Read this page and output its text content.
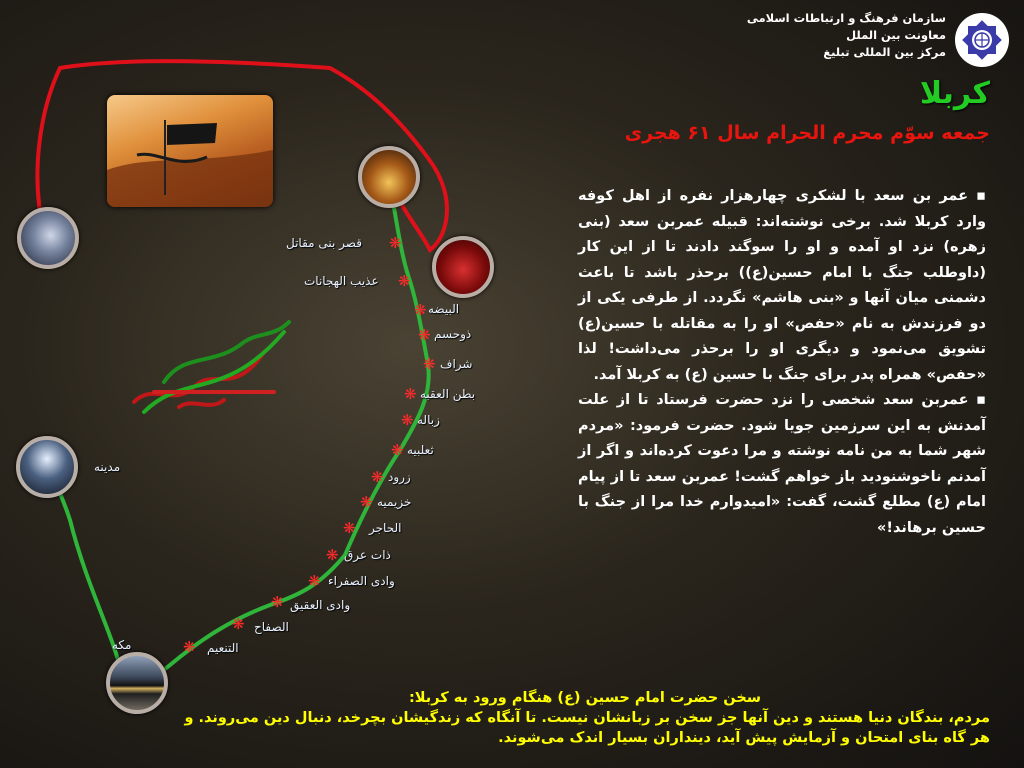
سازمان فرهنگ و ارتباطات اسلامی
معاونت بین الملل
مرکز بین المللی تبلیغ
کربلا
جمعه سوّم محرم الحرام سال ۶۱ هجری

▪ عمر بن سعد با لشکری چهارهزار نفره از اهل کوفه وارد کربلا شد. برخی نوشته‌اند: قبیله عمربن سعد (بنی زهره) نزد او آمده و او را سوگند دادند تا از این کار (داوطلب جنگ با امام حسین(ع)) برحذر باشد تا باعث دشمنی میان آنها و «بنی هاشم» نگردد. از طرفی یکی از دو فرزندش به نام «حفص» او را به مقاتله با حسین(ع) تشویق می‌نمود و دیگری او را برحذر می‌داشت! لذا «حفص» همراه پدر برای جنگ با حسین (ع) به کربلا آمد.

▪ عمربن سعد شخصی را نزد حضرت فرستاد تا از علت آمدنش به این سرزمین جویا شود. حضرت فرمود: «مردم شهر شما به من نامه نوشته و مرا دعوت کرده‌اند و اگر از آمدنم ناخوشنودید باز خواهم گشت! عمربن سعد تا از پیام امام (ع) مطلع گشت، گفت: «امیدوارم خدا مرا از جنگ با حسین برهاند!»

سخن حضرت امام حسین (ع) هنگام ورود به کربلا:
مردم، بندگان دنیا هستند و دین آنها جز سخن بر زبانشان نیست. تا آنگاه که زندگیشان بچرخد، دنبال دین می‌روند. و هر گاه بنای امتحان و آزمایش پیش آید، دینداران بسیار اندک می‌شوند.
❋
قصر بنی مقاتل
❋
عذیب الهجانات
❋ البیضه
❋ ذوحسم
❋ شراف
❋ بطن العقبه
❋ زباله
❋ ثعلبیه
❋ زرود
❋ خزیمیه
❋ الحاجر
❋ ذات عرق
❋ وادی الصفراء
❋ وادی العقیق
❋ الصفاح
❋ التنعیم
مدینه
مکه
